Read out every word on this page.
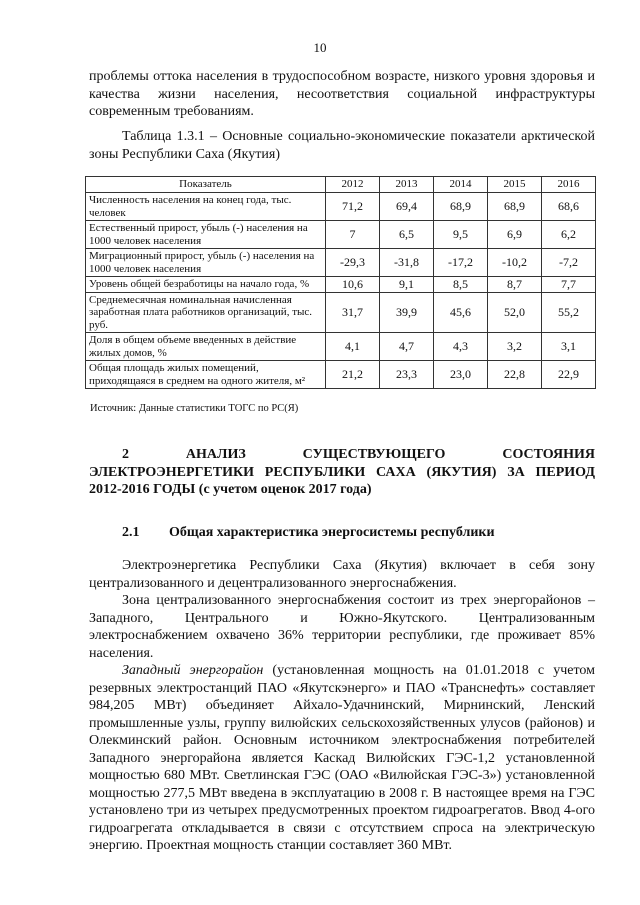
10
проблемы оттока населения в трудоспособном возрасте, низкого уровня здоровья и
качества жизни населения, несоответствия социальной инфраструктуры
современным требованиям.
Таблица 1.3.1 – Основные социально-экономические показатели арктической
зоны Республики Саха (Якутия)
Показатель	2012	2013	2014	2015	2016
Численность населения на конец года, тыс. человек	71,2	69,4	68,9	68,9	68,6
Естественный прирост, убыль (-) населения на 1000 человек населения	7	6,5	9,5	6,9	6,2
Миграционный прирост, убыль (-) населения на 1000 человек населения	-29,3	-31,8	-17,2	-10,2	-7,2
Уровень общей безработицы на начало года, %	10,6	9,1	8,5	8,7	7,7
Среднемесячная номинальная начисленная заработная плата работников организаций, тыс. руб.	31,7	39,9	45,6	52,0	55,2
Доля в общем объеме введенных в действие жилых домов, %	4,1	4,7	4,3	3,2	3,1
Общая площадь жилых помещений, приходящаяся в среднем на одного жителя, м²	21,2	23,3	23,0	22,8	22,9
Источник: Данные статистики ТОГС по РС(Я)
2 АНАЛИЗ СУЩЕСТВУЮЩЕГО СОСТОЯНИЯ
ЭЛЕКТРОЭНЕРГЕТИКИ РЕСПУБЛИКИ САХА (ЯКУТИЯ) ЗА ПЕРИОД
2012-2016 ГОДЫ (с учетом оценок 2017 года)
2.1 Общая характеристика энергосистемы республики

Электроэнергетика Республики Саха (Якутия) включает в себя зону централизованного и децентрализованного энергоснабжения.

Зона централизованного энергоснабжения состоит из трех энергорайонов – Западного, Центрального и Южно-Якутского. Централизованным электроснабжением охвачено 36% территории республики, где проживает 85% населения.

Западный энергорайон (установленная мощность на 01.01.2018 с учетом резервных электростанций ПАО «Якутскэнерго» и ПАО «Транснефть» составляет 984,205 МВт) объединяет Айхало-Удачнинский, Мирнинский, Ленский промышленные узлы, группу вилюйских сельскохозяйственных улусов (районов) и Олекминский район. Основным источником электроснабжения потребителей Западного энергорайона является Каскад Вилюйских ГЭС-1,2 установленной мощностью 680 МВт. Светлинская ГЭС (ОАО «Вилюйская ГЭС-3») установленной мощностью 277,5 МВт введена в эксплуатацию в 2008 г. В настоящее время на ГЭС установлено три из четырех предусмотренных проектом гидроагрегатов. Ввод 4-ого гидроагрегата откладывается в связи с отсутствием спроса на электрическую энергию. Проектная мощность станции составляет 360 МВт.
